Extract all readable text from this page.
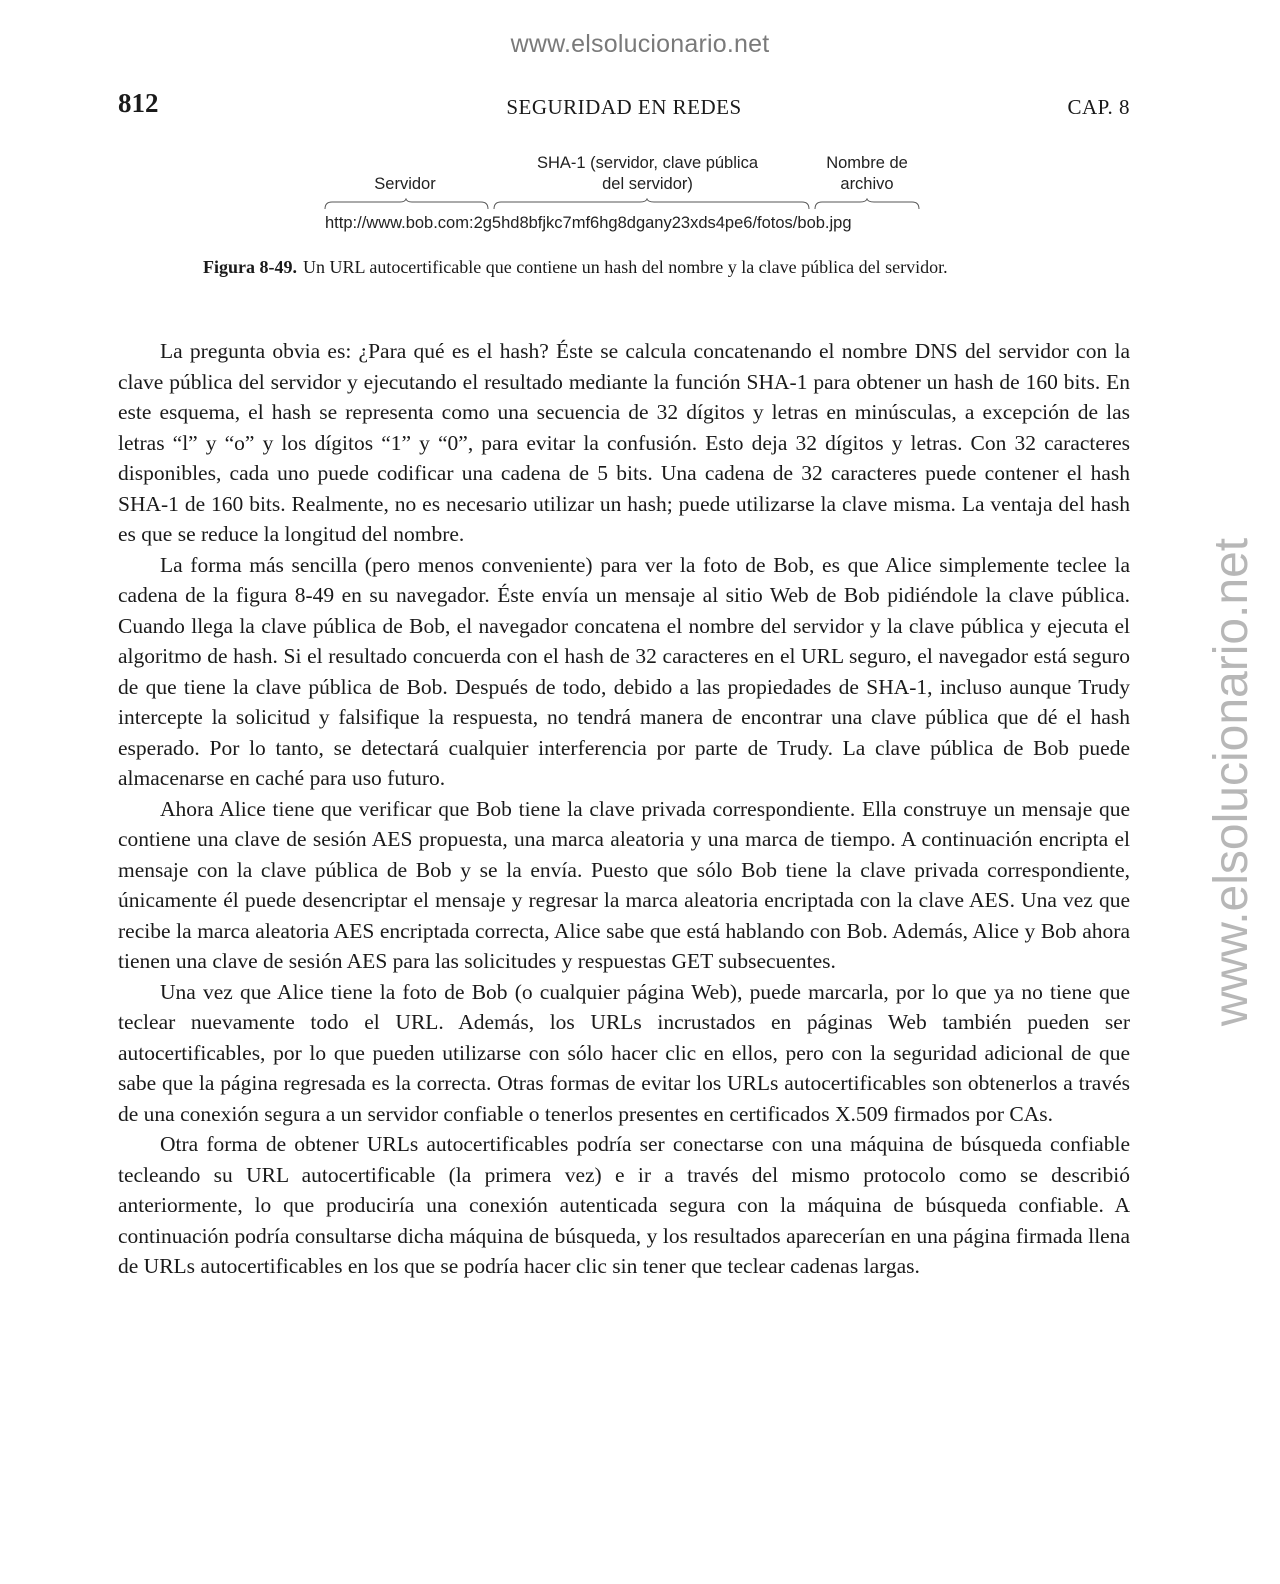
www.elsolucionario.net
www.elsolucionario.net
812	SEGURIDAD EN REDES	CAP. 8
Servidor
SHA-1 (servidor, clave pública
del servidor)
Nombre de
archivo
http://www.bob.com:2g5hd8bfjkc7mf6hg8dgany23xds4pe6/fotos/bob.jpg
Figura 8-49. Un URL autocertificable que contiene un hash del nombre y la clave pública del servidor.

La pregunta obvia es: ¿Para qué es el hash? Éste se calcula concatenando el nombre DNS del servidor con la clave pública del servidor y ejecutando el resultado mediante la función SHA-1 para obtener un hash de 160 bits. En este esquema, el hash se representa como una secuencia de 32 dígitos y letras en minúsculas, a excepción de las letras “l” y “o” y los dígitos “1” y “0”, para evitar la confusión. Esto deja 32 dígitos y letras. Con 32 caracteres disponibles, cada uno puede codificar una cadena de 5 bits. Una cadena de 32 caracteres puede contener el hash SHA-1 de 160 bits. Realmente, no es necesario utilizar un hash; puede utilizarse la clave misma. La ventaja del hash es que se reduce la longitud del nombre.

La forma más sencilla (pero menos conveniente) para ver la foto de Bob, es que Alice simplemente teclee la cadena de la figura 8-49 en su navegador. Éste envía un mensaje al sitio Web de Bob pidiéndole la clave pública. Cuando llega la clave pública de Bob, el navegador concatena el nombre del servidor y la clave pública y ejecuta el algoritmo de hash. Si el resultado concuerda con el hash de 32 caracteres en el URL seguro, el navegador está seguro de que tiene la clave pública de Bob. Después de todo, debido a las propiedades de SHA-1, incluso aunque Trudy intercepte la solicitud y falsifique la respuesta, no tendrá manera de encontrar una clave pública que dé el hash esperado. Por lo tanto, se detectará cualquier interferencia por parte de Trudy. La clave pública de Bob puede almacenarse en caché para uso futuro.

Ahora Alice tiene que verificar que Bob tiene la clave privada correspondiente. Ella construye un mensaje que contiene una clave de sesión AES propuesta, una marca aleatoria y una marca de tiempo. A continuación encripta el mensaje con la clave pública de Bob y se la envía. Puesto que sólo Bob tiene la clave privada correspondiente, únicamente él puede desencriptar el mensaje y regresar la marca aleatoria encriptada con la clave AES. Una vez que recibe la marca aleatoria AES encriptada correcta, Alice sabe que está hablando con Bob. Además, Alice y Bob ahora tienen una clave de sesión AES para las solicitudes y respuestas GET subsecuentes.

Una vez que Alice tiene la foto de Bob (o cualquier página Web), puede marcarla, por lo que ya no tiene que teclear nuevamente todo el URL. Además, los URLs incrustados en páginas Web también pueden ser autocertificables, por lo que pueden utilizarse con sólo hacer clic en ellos, pero con la seguridad adicional de que sabe que la página regresada es la correcta. Otras formas de evitar los URLs autocertificables son obtenerlos a través de una conexión segura a un servidor confiable o tenerlos presentes en certificados X.509 firmados por CAs.

Otra forma de obtener URLs autocertificables podría ser conectarse con una máquina de búsqueda confiable tecleando su URL autocertificable (la primera vez) e ir a través del mismo protocolo como se describió anteriormente, lo que produciría una conexión autenticada segura con la máquina de búsqueda confiable. A continuación podría consultarse dicha máquina de búsqueda, y los resultados aparecerían en una página firmada llena de URLs autocertificables en los que se podría hacer clic sin tener que teclear cadenas largas.
